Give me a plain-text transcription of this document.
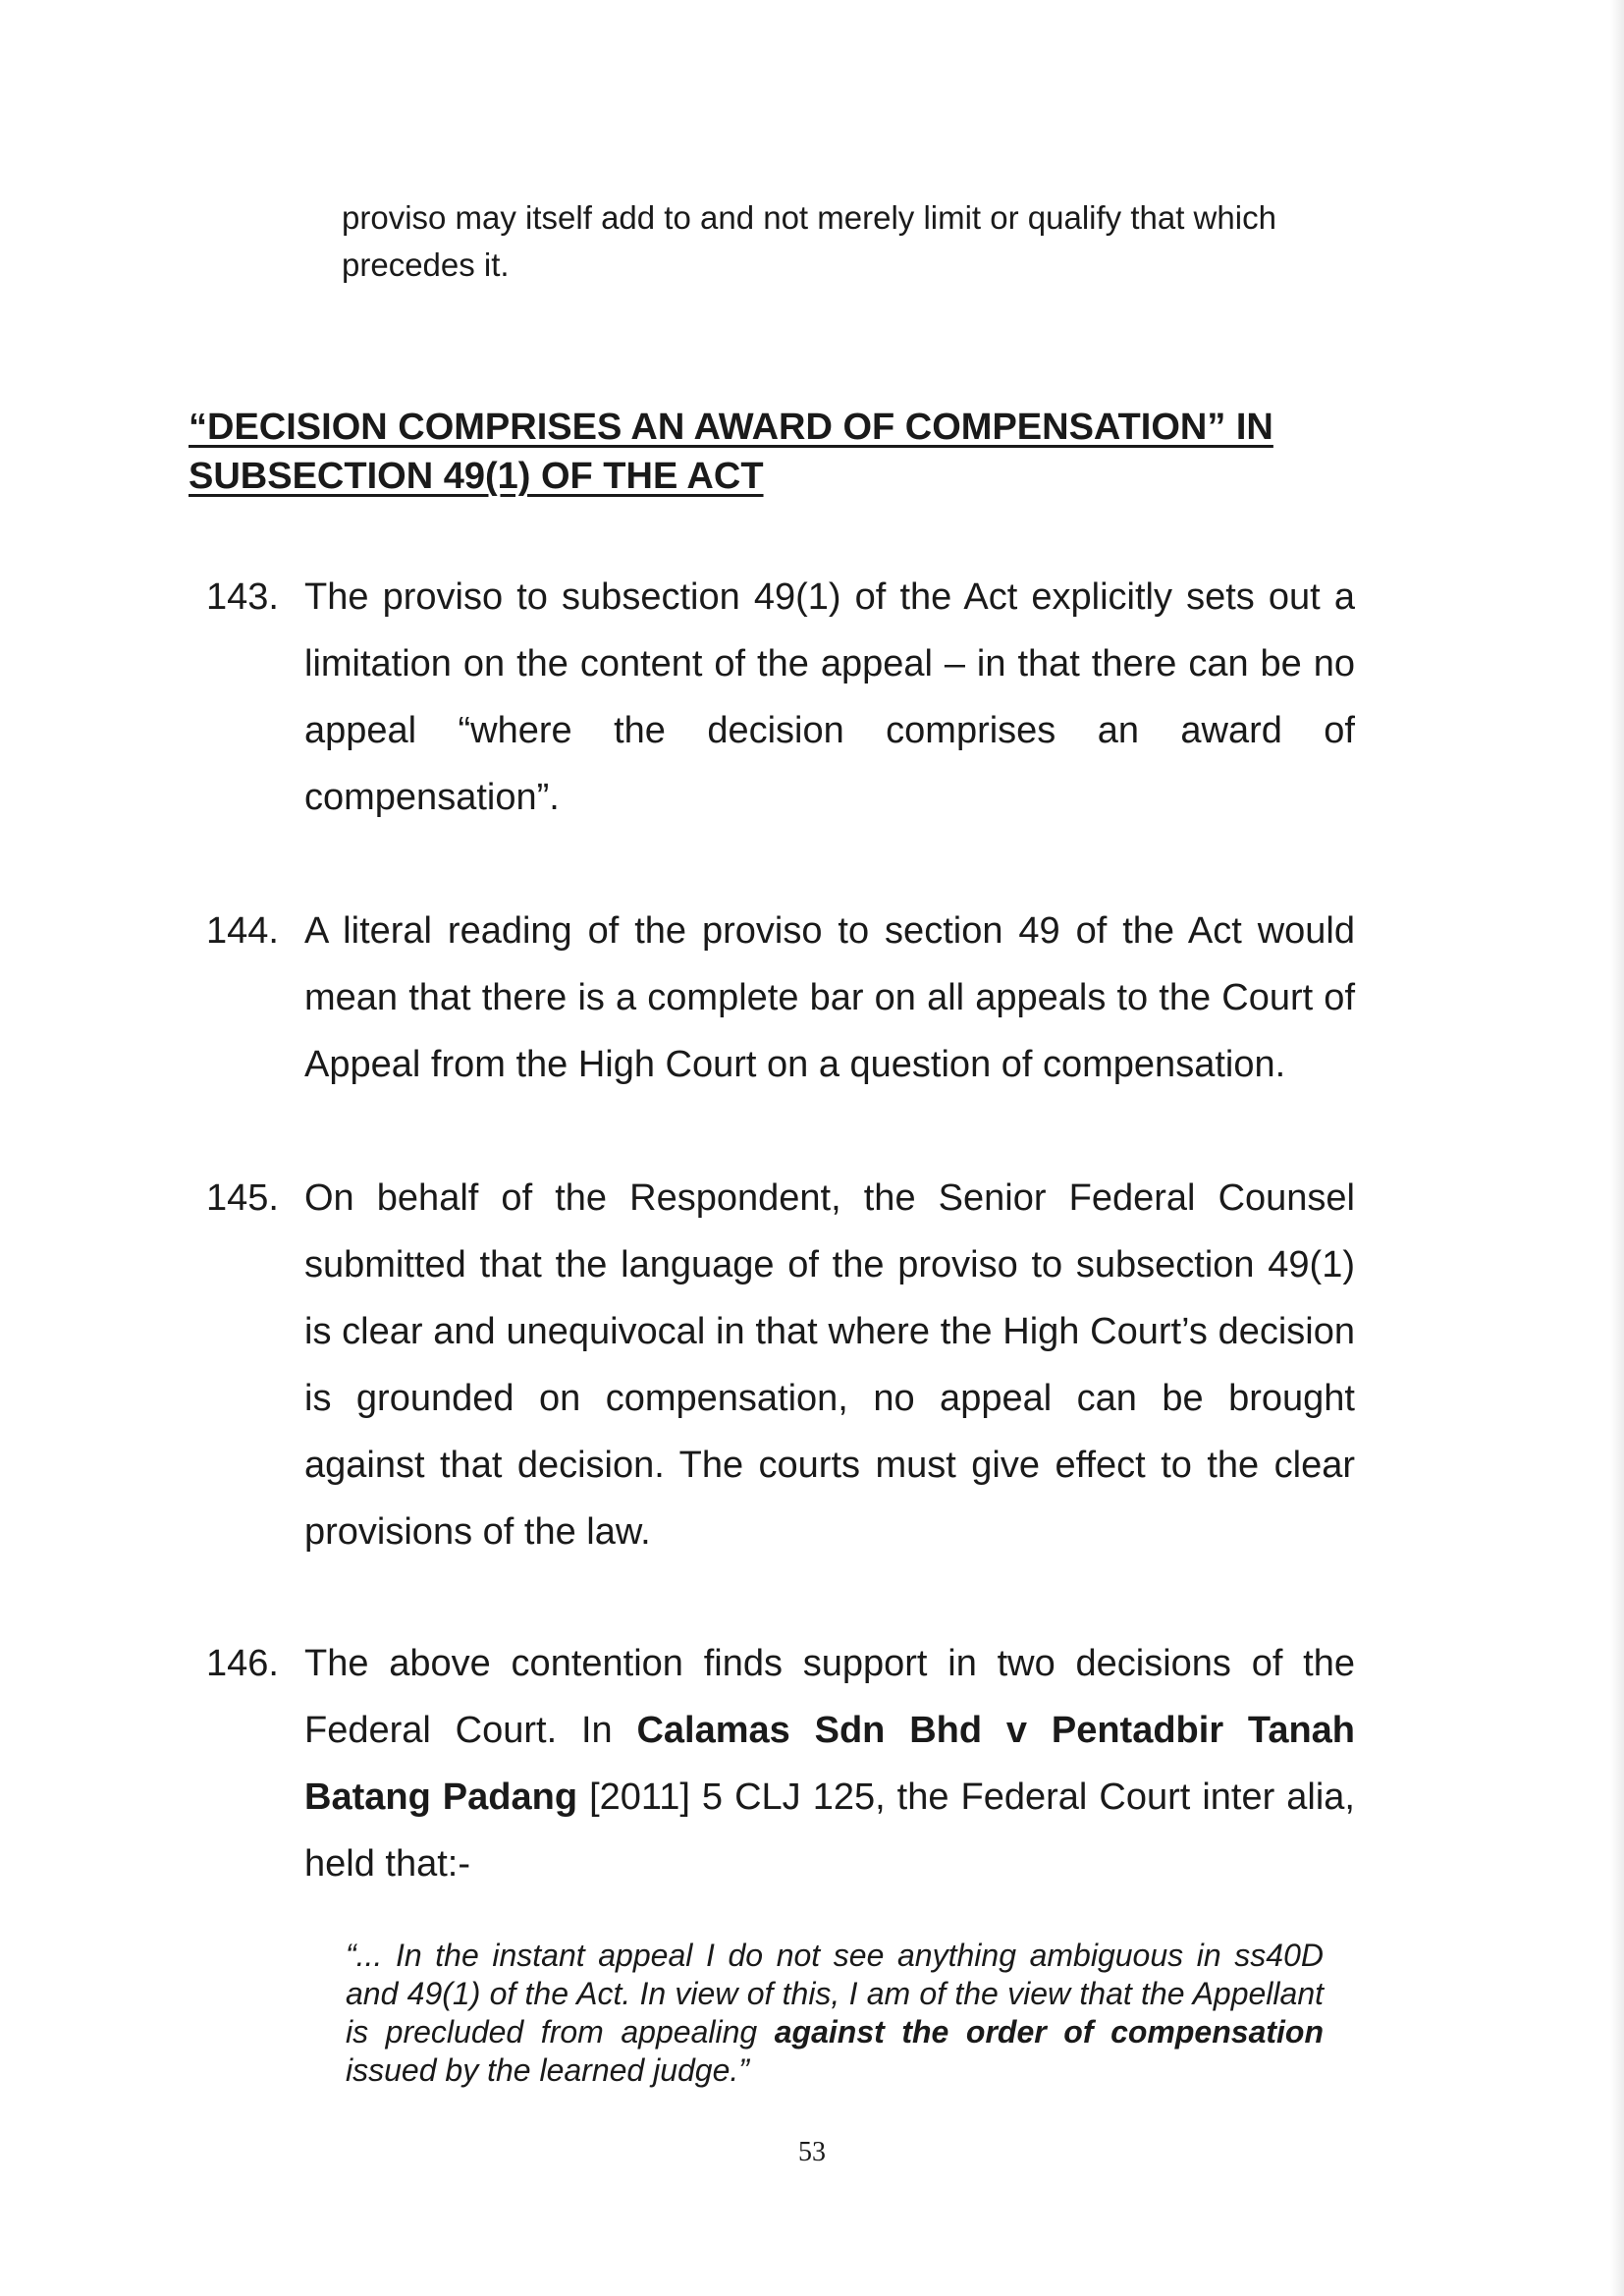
proviso may itself add to and not merely limit or qualify that which precedes it.

“DECISION COMPRISES AN AWARD OF COMPENSATION” IN SUBSECTION 49(1) OF THE ACT
143. The proviso to subsection 49(1) of the Act explicitly sets out a limitation on the content of the appeal – in that there can be no appeal “where the decision comprises an award of compensation”.

144. A literal reading of the proviso to section 49 of the Act would mean that there is a complete bar on all appeals to the Court of Appeal from the High Court on a question of compensation.

145. On behalf of the Respondent, the Senior Federal Counsel submitted that the language of the proviso to subsection 49(1) is clear and unequivocal in that where the High Court’s decision is grounded on compensation, no appeal can be brought against that decision. The courts must give effect to the clear provisions of the law.

146. The above contention finds support in two decisions of the Federal Court. In Calamas Sdn Bhd v Pentadbir Tanah Batang Padang [2011] 5 CLJ 125, the Federal Court inter alia, held that:-

“... In the instant appeal I do not see anything ambiguous in ss40D and 49(1) of the Act. In view of this, I am of the view that the Appellant is precluded from appealing against the order of compensation issued by the learned judge.”

53
